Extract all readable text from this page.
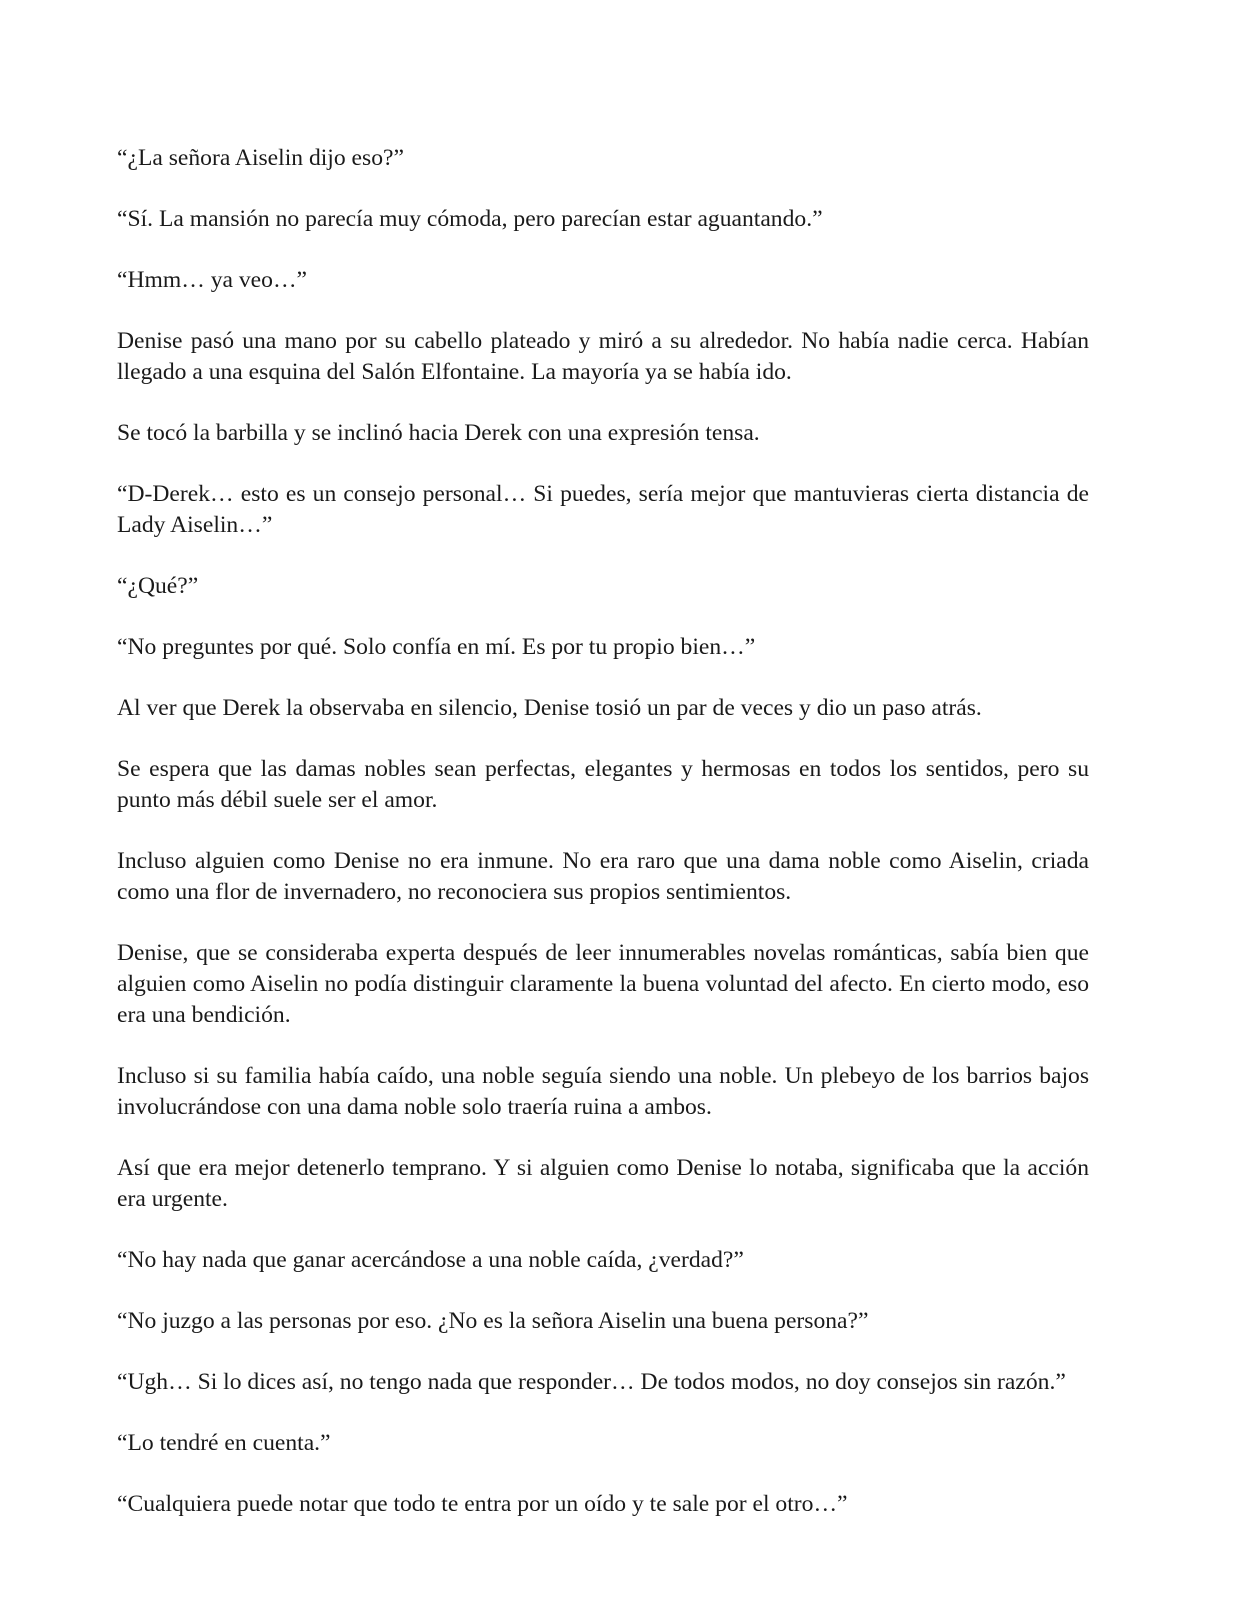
“¿La señora Aiselin dijo eso?”

“Sí. La mansión no parecía muy cómoda, pero parecían estar aguantando.”

“Hmm… ya veo…”

Denise pasó una mano por su cabello plateado y miró a su alrededor. No había nadie cerca. Habían llegado a una esquina del Salón Elfontaine. La mayoría ya se había ido.

Se tocó la barbilla y se inclinó hacia Derek con una expresión tensa.

“D-Derek… esto es un consejo personal… Si puedes, sería mejor que mantuvieras cierta distancia de Lady Aiselin…”

“¿Qué?”

“No preguntes por qué. Solo confía en mí. Es por tu propio bien…”

Al ver que Derek la observaba en silencio, Denise tosió un par de veces y dio un paso atrás.

Se espera que las damas nobles sean perfectas, elegantes y hermosas en todos los sentidos, pero su punto más débil suele ser el amor.

Incluso alguien como Denise no era inmune. No era raro que una dama noble como Aiselin, criada como una flor de invernadero, no reconociera sus propios sentimientos.

Denise, que se consideraba experta después de leer innumerables novelas románticas, sabía bien que alguien como Aiselin no podía distinguir claramente la buena voluntad del afecto. En cierto modo, eso era una bendición.

Incluso si su familia había caído, una noble seguía siendo una noble. Un plebeyo de los barrios bajos involucrándose con una dama noble solo traería ruina a ambos.

Así que era mejor detenerlo temprano. Y si alguien como Denise lo notaba, significaba que la acción era urgente.

“No hay nada que ganar acercándose a una noble caída, ¿verdad?”

“No juzgo a las personas por eso. ¿No es la señora Aiselin una buena persona?”

“Ugh… Si lo dices así, no tengo nada que responder… De todos modos, no doy consejos sin razón.”

“Lo tendré en cuenta.”

“Cualquiera puede notar que todo te entra por un oído y te sale por el otro…”
